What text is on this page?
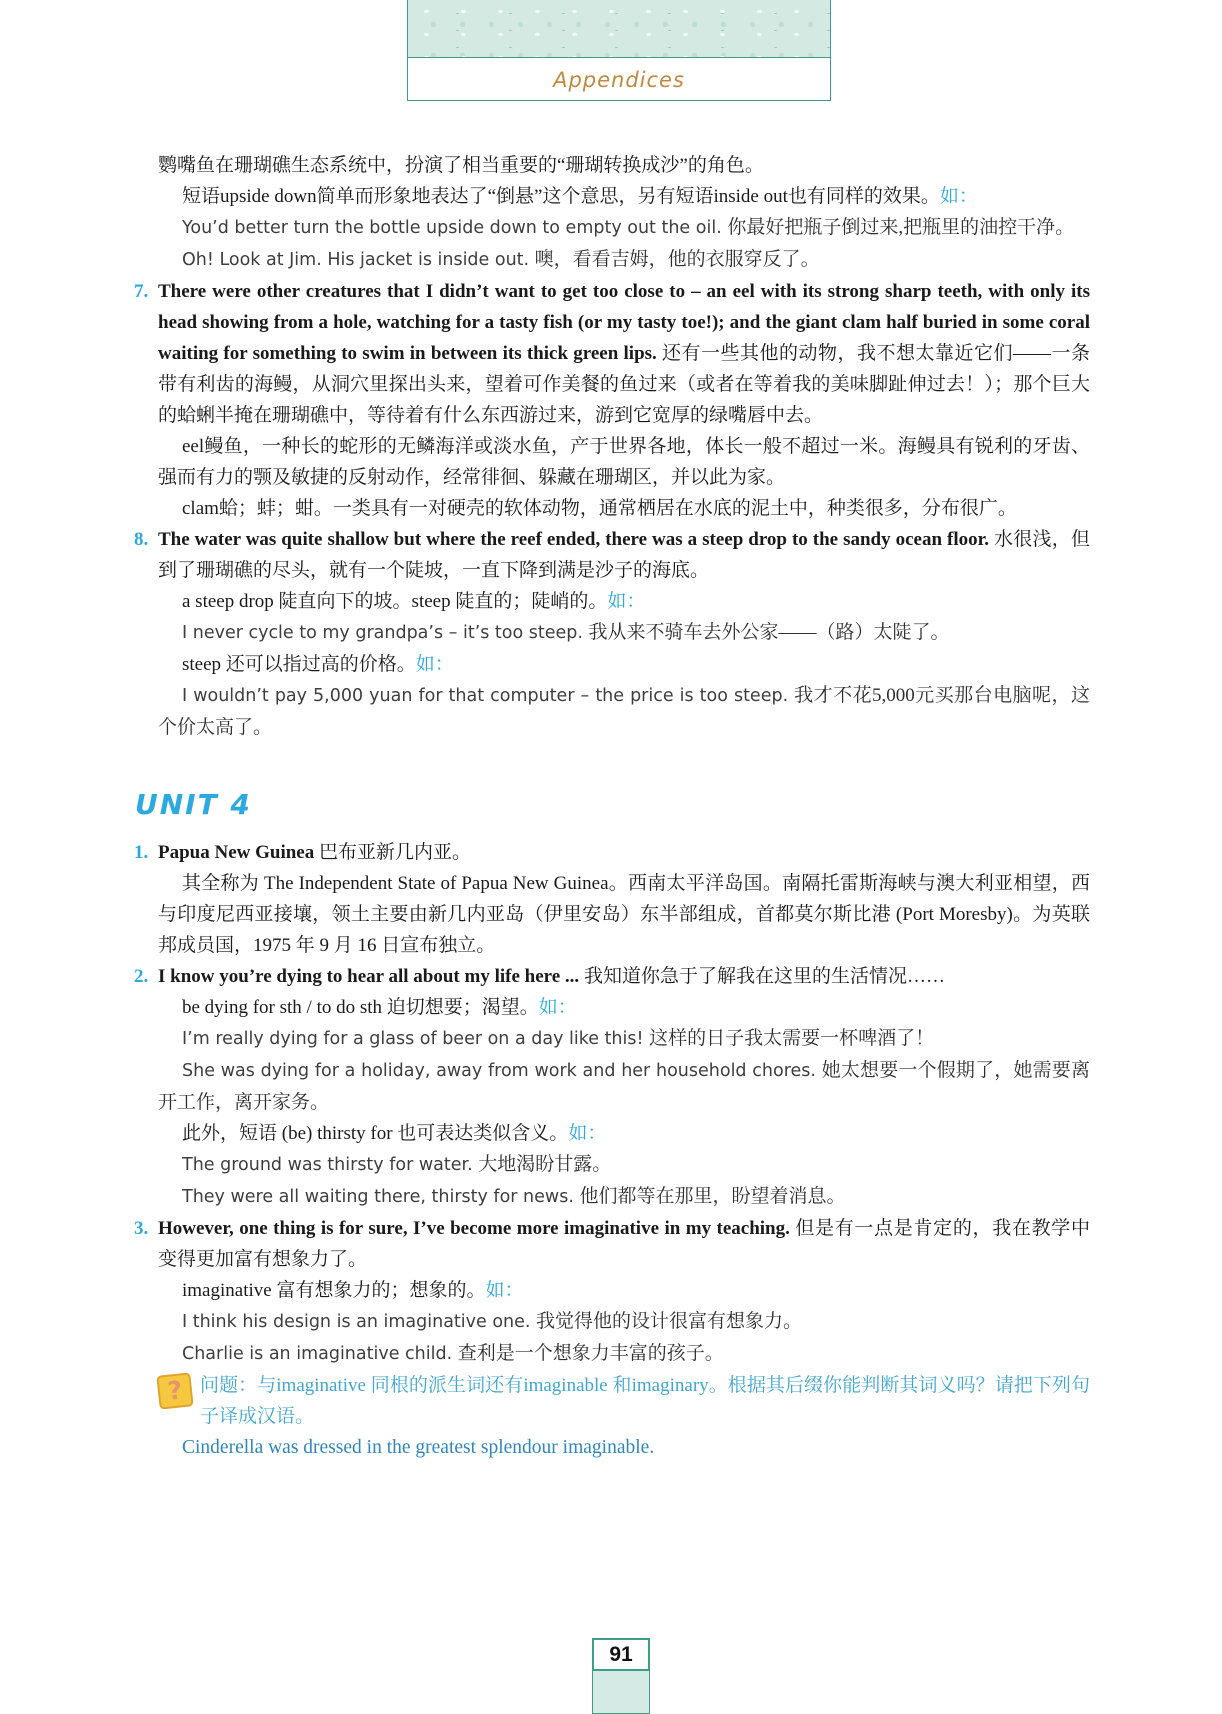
Appendices
鹦嘴鱼在珊瑚礁生态系统中，扮演了相当重要的“珊瑚转换成沙”的角色。
短语upside down简单而形象地表达了“倒悬”这个意思，另有短语inside out也有同样的效果。如：
You’d better turn the bottle upside down to empty out the oil. 你最好把瓶子倒过来,把瓶里的油控干净。
Oh! Look at Jim. His jacket is inside out. 噢，看看吉姆，他的衣服穿反了。
7. There were other creatures that I didn’t want to get too close to – an eel with its strong sharp teeth, with only its head showing from a hole, watching for a tasty fish (or my tasty toe!); and the giant clam half buried in some coral waiting for something to swim in between its thick green lips. 还有一些其他的动物，我不想太靠近它们——一条带有利齿的海鳗，从洞穴里探出头来，望着可作美餐的鱼过来（或者在等着我的美味脚趾伸过去！）；那个巨大的蛤蜊半掩在珊瑚礁中，等待着有什么东西游过来，游到它宽厚的绿嘴唇中去。
eel鳗鱼，一种长的蛇形的无鳞海洋或淡水鱼，产于世界各地，体长一般不超过一米。海鳗具有锐利的牙齿、强而有力的颚及敏捷的反射动作，经常徘徊、躲藏在珊瑚区，并以此为家。
clam蛤；蚌；蚶。一类具有一对硬壳的软体动物，通常栖居在水底的泥土中，种类很多，分布很广。
8. The water was quite shallow but where the reef ended, there was a steep drop to the sandy ocean floor. 水很浅，但到了珊瑚礁的尽头，就有一个陡坡，一直下降到满是沙子的海底。
a steep drop 陡直向下的坡。steep 陡直的；陡峭的。如：
I never cycle to my grandpa’s – it’s too steep. 我从来不骑车去外公家——（路）太陡了。
steep 还可以指过高的价格。如：
I wouldn’t pay 5,000 yuan for that computer – the price is too steep. 我才不花5,000元买那台电脑呢，这个价太高了。
UNIT 4
1. Papua New Guinea 巴布亚新几内亚。
其全称为 The Independent State of Papua New Guinea。西南太平洋岛国。南隔托雷斯海峡与澳大利亚相望，西与印度尼西亚接壤，领土主要由新几内亚岛（伊里安岛）东半部组成，首都莫尔斯比港 (Port Moresby)。为英联邦成员国，1975 年 9 月 16 日宣布独立。
2. I know you’re dying to hear all about my life here ... 我知道你急于了解我在这里的生活情况……
be dying for sth / to do sth 迫切想要；渴望。如：
I’m really dying for a glass of beer on a day like this! 这样的日子我太需要一杯啤酒了！
She was dying for a holiday, away from work and her household chores. 她太想要一个假期了，她需要离开工作，离开家务。
此外，短语 (be) thirsty for 也可表达类似含义。如：
The ground was thirsty for water. 大地渴盼甘露。
They were all waiting there, thirsty for news. 他们都等在那里，盼望着消息。
3. However, one thing is for sure, I’ve become more imaginative in my teaching. 但是有一点是肯定的，我在教学中变得更加富有想象力了。
imaginative 富有想象力的；想象的。如：
I think his design is an imaginative one. 我觉得他的设计很富有想象力。
Charlie is an imaginative child. 查利是一个想象力丰富的孩子。
? 问题：与imaginative 同根的派生词还有imaginable 和imaginary。根据其后缀你能判断其词义吗？请把下列句子译成汉语。
Cinderella was dressed in the greatest splendour imaginable.
91
